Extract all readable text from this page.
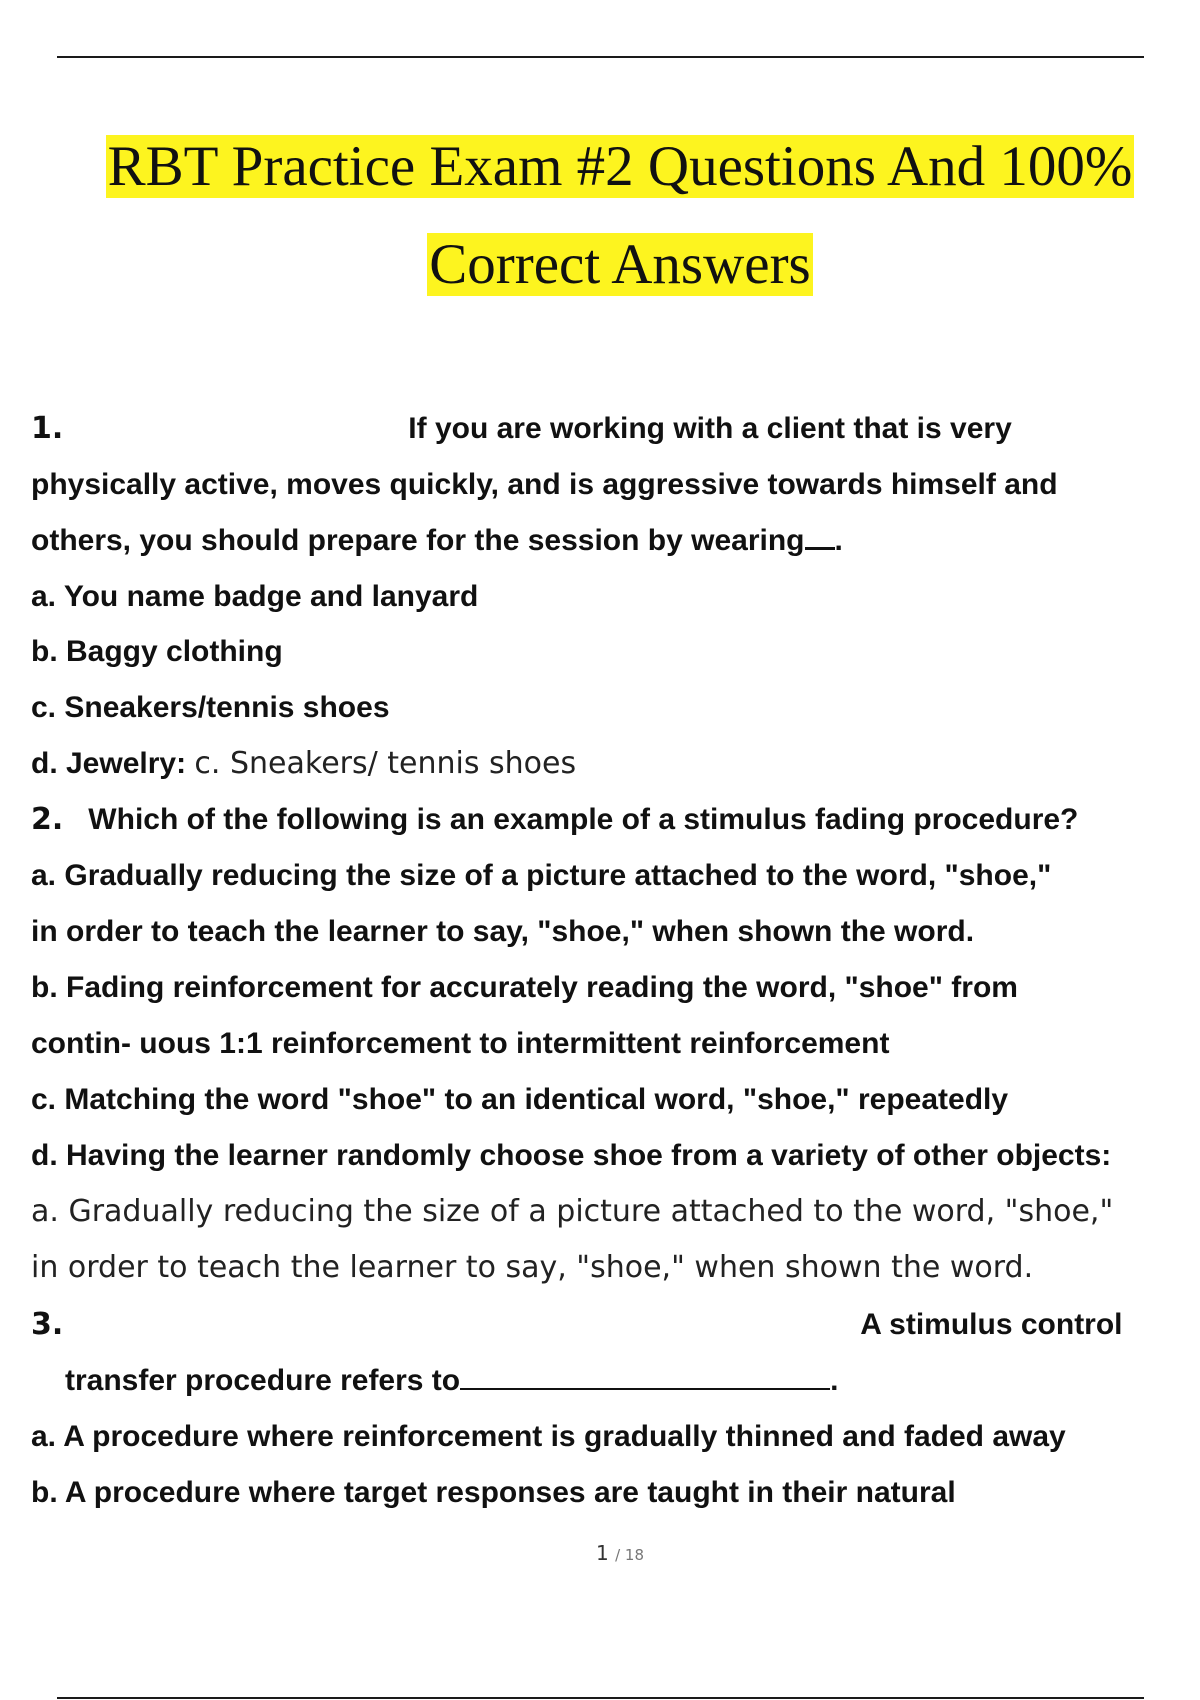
RBT Practice Exam #2 Questions And 100%
Correct Answers
1.	If you are working with a client that is very
physically active, moves quickly, and is aggressive towards himself and
others, you should prepare for the session by wearing .
a. You name badge and lanyard
b. Baggy clothing
c. Sneakers/tennis shoes
d. Jewelry: c. Sneakers/ tennis shoes
2. Which of the following is an example of a stimulus fading procedure?
a. Gradually reducing the size of a picture attached to the word, "shoe,"
in order to teach the learner to say, "shoe," when shown the word.
b. Fading reinforcement for accurately reading the word, "shoe" from
contin- uous 1:1 reinforcement to intermittent reinforcement
c. Matching the word "shoe" to an identical word, "shoe," repeatedly
d. Having the learner randomly choose shoe from a variety of other objects:
a. Gradually reducing the size of a picture attached to the word, "shoe,"
in order to teach the learner to say, "shoe," when shown the word.
3.	A stimulus control
transfer procedure refers to	.
a. A procedure where reinforcement is gradually thinned and faded away
b. A procedure where target responses are taught in their natural
1 / 18
